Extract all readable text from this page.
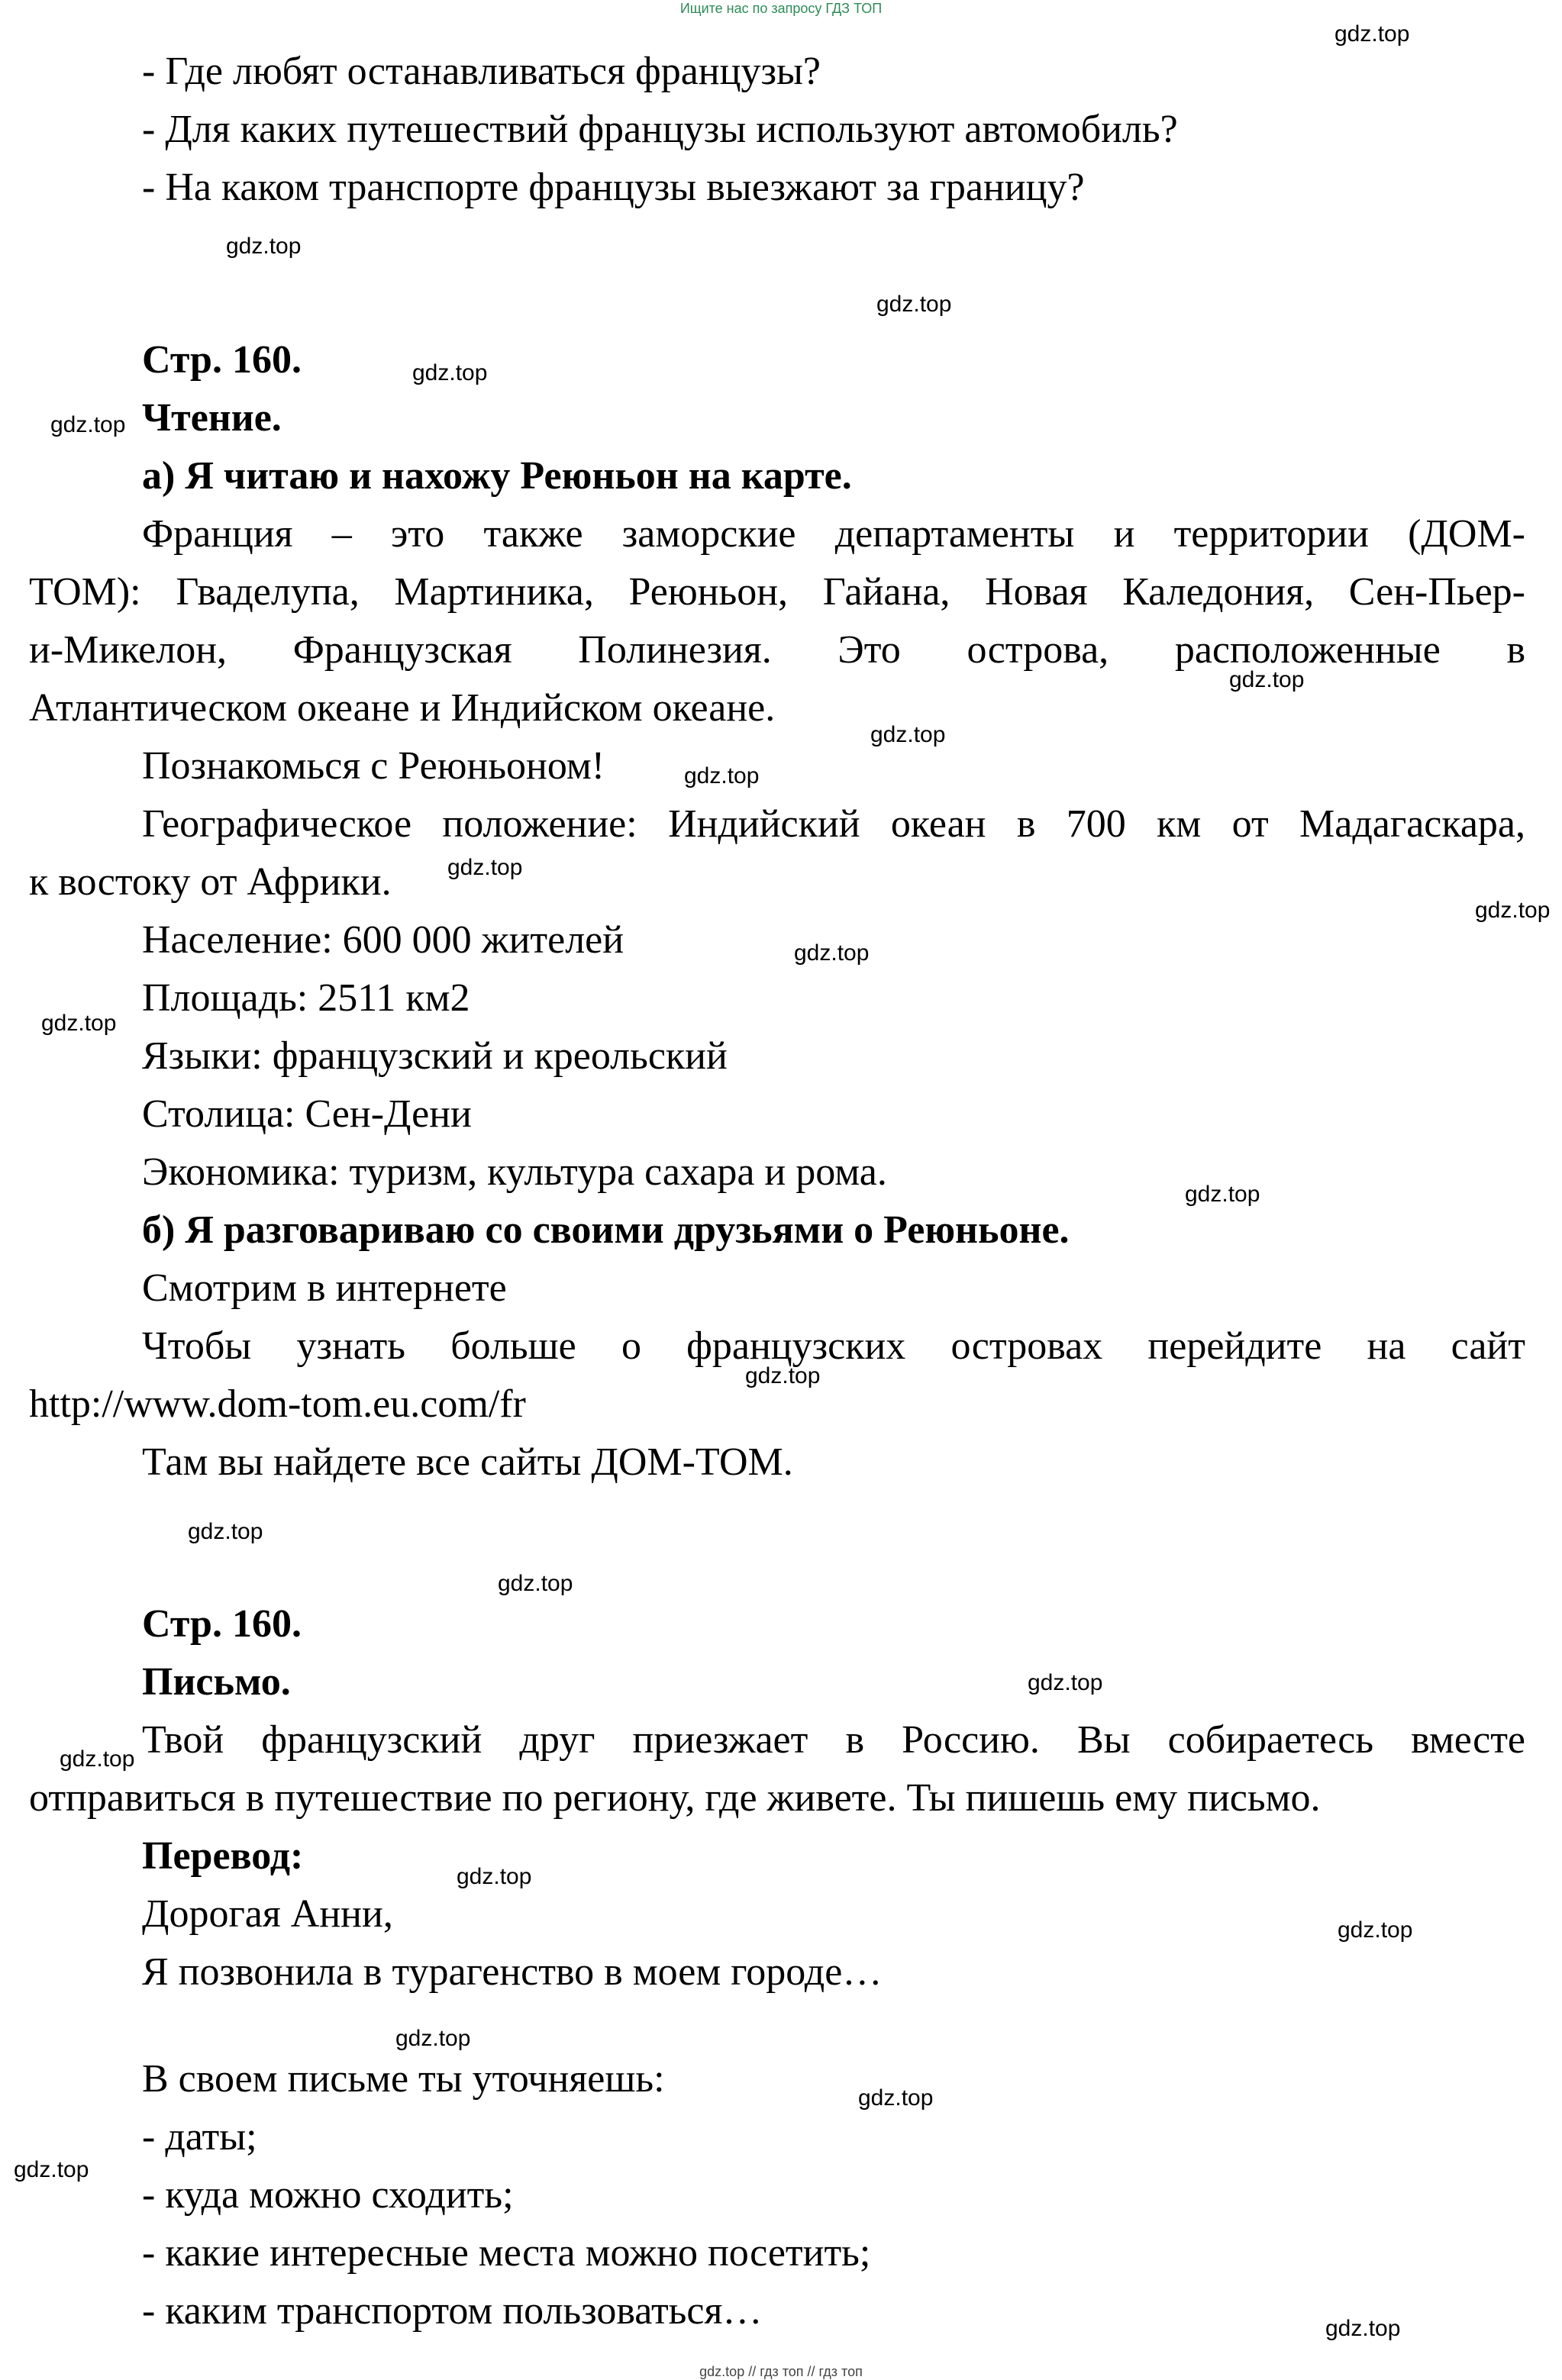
Ищите нас по запросу ГДЗ ТОП
gdz.top // гдз топ // гдз топ
gdz.top
gdz.top
gdz.top
gdz.top
gdz.top
gdz.top
gdz.top
gdz.top
gdz.top
gdz.top
gdz.top
gdz.top
gdz.top
gdz.top
gdz.top
gdz.top
gdz.top
gdz.top
gdz.top
gdz.top
gdz.top
gdz.top
gdz.top
gdz.top
- Где любят останавливаться французы?
- Для каких путешествий французы используют автомобиль?
- На каком транспорте французы выезжают за границу?
Стр. 160.
Чтение.
а) Я читаю и нахожу Реюньон на карте.
Франция – это также заморские департаменты и территории (ДОМ-
ТОМ): Гваделупа, Мартиника, Реюньон, Гайана, Новая Каледония, Сен-Пьер-
и-Микелон, Французская Полинезия. Это острова, расположенные в
Атлантическом океане и Индийском океане.
Познакомься с Реюньоном!
Географическое положение: Индийский океан в 700 км от Мадагаскара,
к востоку от Африки.
Население: 600 000 жителей
Площадь: 2511 км2
Языки: французский и креольский
Столица: Сен-Дени
Экономика: туризм, культура сахара и рома.
б) Я разговариваю со своими друзьями о Реюньоне.
Смотрим в интернете
Чтобы узнать больше о французских островах перейдите на сайт
http://www.dom-tom.eu.com/fr
Там вы найдете все сайты ДОМ-ТОМ.
Стр. 160.
Письмо.
Твой французский друг приезжает в Россию. Вы собираетесь вместе
отправиться в путешествие по региону, где живете. Ты пишешь ему письмо.
Перевод:
Дорогая Анни,
Я позвонила в турагенство в моем городе…
В своем письме ты уточняешь:
- даты;
- куда можно сходить;
- какие интересные места можно посетить;
- каким транспортом пользоваться…
